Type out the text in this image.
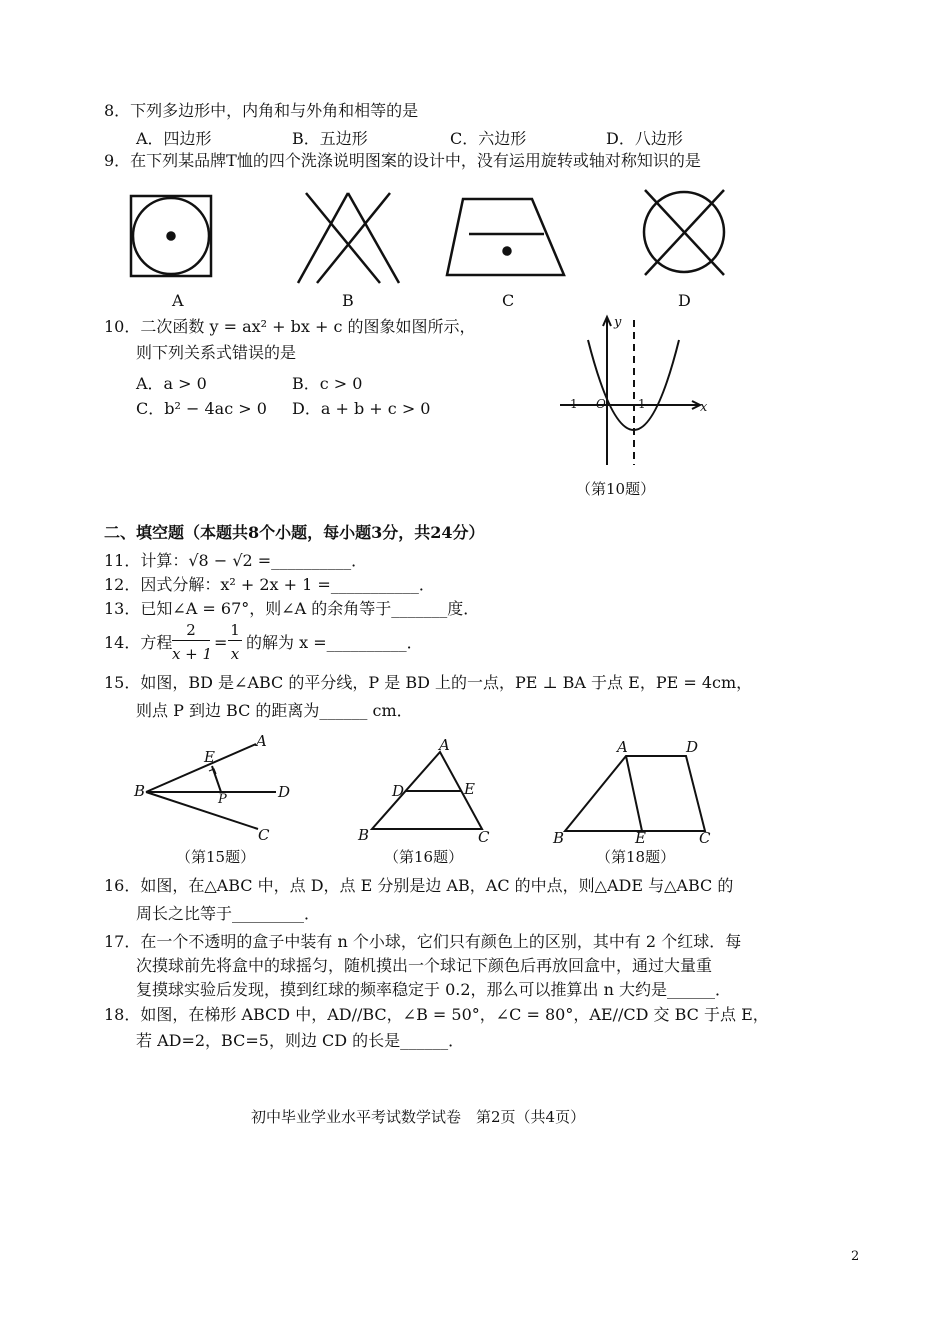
8．下列多边形中，内角和与外角和相等的是
A．四边形	B．五边形	C．六边形	D．八边形
9．在下列某品牌T恤的四个洗涤说明图案的设计中，没有运用旋转或轴对称知识的是
A	B	C	D
10．二次函数 y = ax² + bx + c 的图象如图所示，
则下列关系式错误的是
A．a > 0	B．c > 0
C．b² − 4ac > 0 D．a + b + c > 0
y
x
-1 O	1
（第10题）
二、填空题（本题共8个小题，每小题3分，共24分）
11．计算：√8 − √2 =__________．
12．因式分解：x² + 2x + 1 =___________．
13．已知∠A = 67°，则∠A 的余角等于_______度．
14．方程
2
x + 1
=
1
x
的解为 x =__________．
15．如图，BD 是∠ABC 的平分线，P 是 BD 上的一点，PE ⊥ BA 于点 E，PE = 4cm，
则点 P 到边 BC 的距离为______ cm．
A
E
B	P	D
C
（第15题）
A
D	E
B	C
（第16题）
A	D
B	E	C
（第18题）
16．如图，在△ABC 中，点 D，点 E 分别是边 AB，AC 的中点，则△ADE 与△ABC 的
周长之比等于_________．
17．在一个不透明的盒子中装有 n 个小球，它们只有颜色上的区别，其中有 2 个红球．每
次摸球前先将盒中的球摇匀，随机摸出一个球记下颜色后再放回盒中，通过大量重
复摸球实验后发现，摸到红球的频率稳定于 0.2，那么可以推算出 n 大约是______．
18．如图，在梯形 ABCD 中，AD//BC，∠B = 50°，∠C = 80°，AE//CD 交 BC 于点 E，
若 AD=2，BC=5，则边 CD 的长是______．
初中毕业学业水平考试数学试卷　第2页（共4页）
2
